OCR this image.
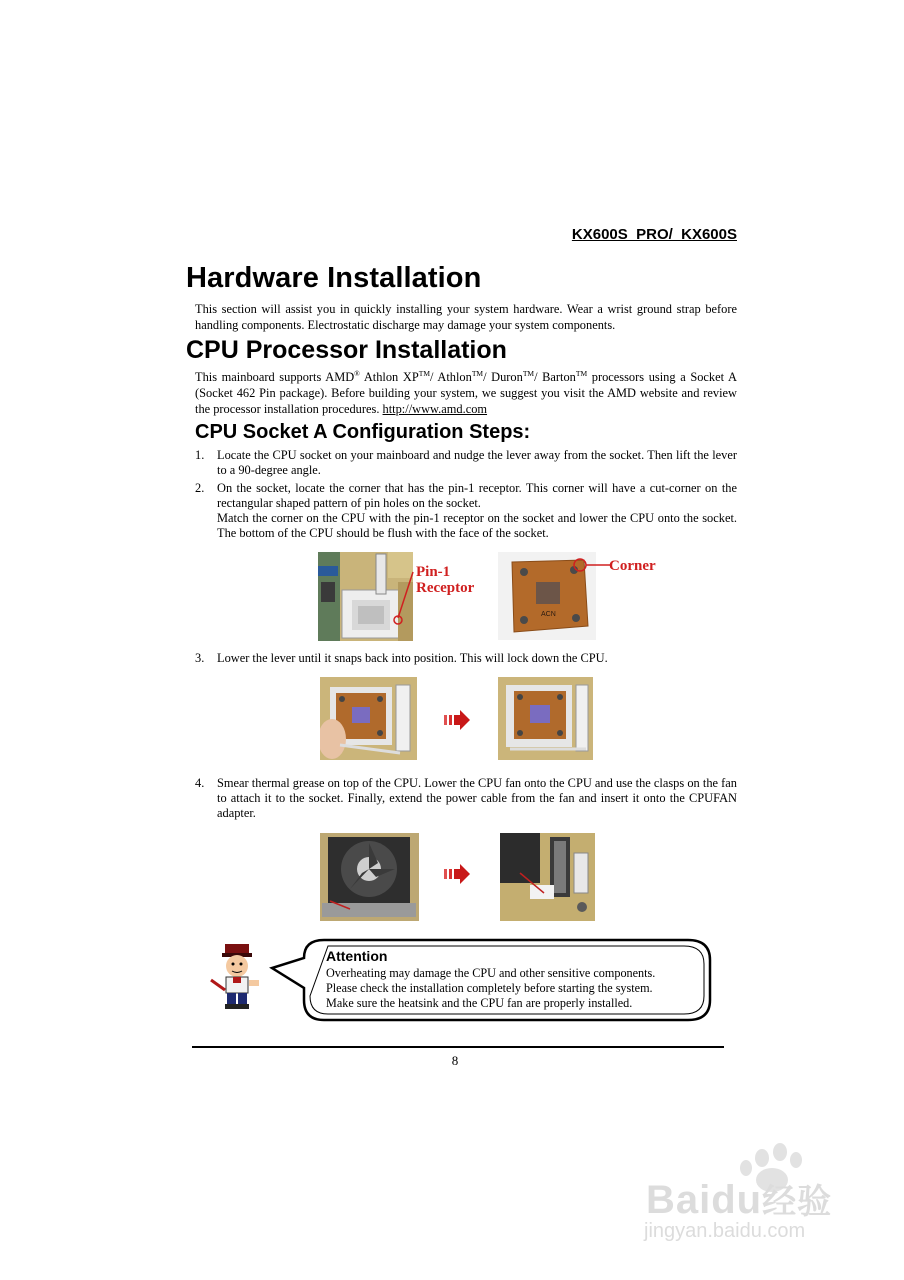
KX600S_PRO/_KX600S
Hardware Installation
This section will assist you in quickly installing your system hardware. Wear a wrist ground strap before handling components. Electrostatic discharge may damage your system components.
CPU Processor Installation
This mainboard supports AMD® Athlon XP™/ Athlon™/ Duron™/ Barton™ processors using a Socket A (Socket 462 Pin package). Before building your system, we suggest you visit the AMD website and review the processor installation procedures. http://www.amd.com
CPU Socket A Configuration Steps:
1. Locate the CPU socket on your mainboard and nudge the lever away from the socket. Then lift the lever to a 90-degree angle.
2. On the socket, locate the corner that has the pin-1 receptor. This corner will have a cut-corner on the rectangular shaped pattern of pin holes on the socket.
Match the corner on the CPU with the pin-1 receptor on the socket and lower the CPU onto the socket. The bottom of the CPU should be flush with the face of the socket.
Pin-1
Receptor
ACN
Corner
3. Lower the lever until it snaps back into position. This will lock down the CPU.
4. Smear thermal grease on top of the CPU. Lower the CPU fan onto the CPU and use the clasps on the fan to attach it to the socket. Finally, extend the power cable from the fan and insert it onto the CPUFAN adapter.
Attention
Overheating may damage the CPU and other sensitive components.
Please check the installation completely before starting the system.
Make sure the heatsink and the CPU fan are properly installed.
8
Baidu经验
jingyan.baidu.com
